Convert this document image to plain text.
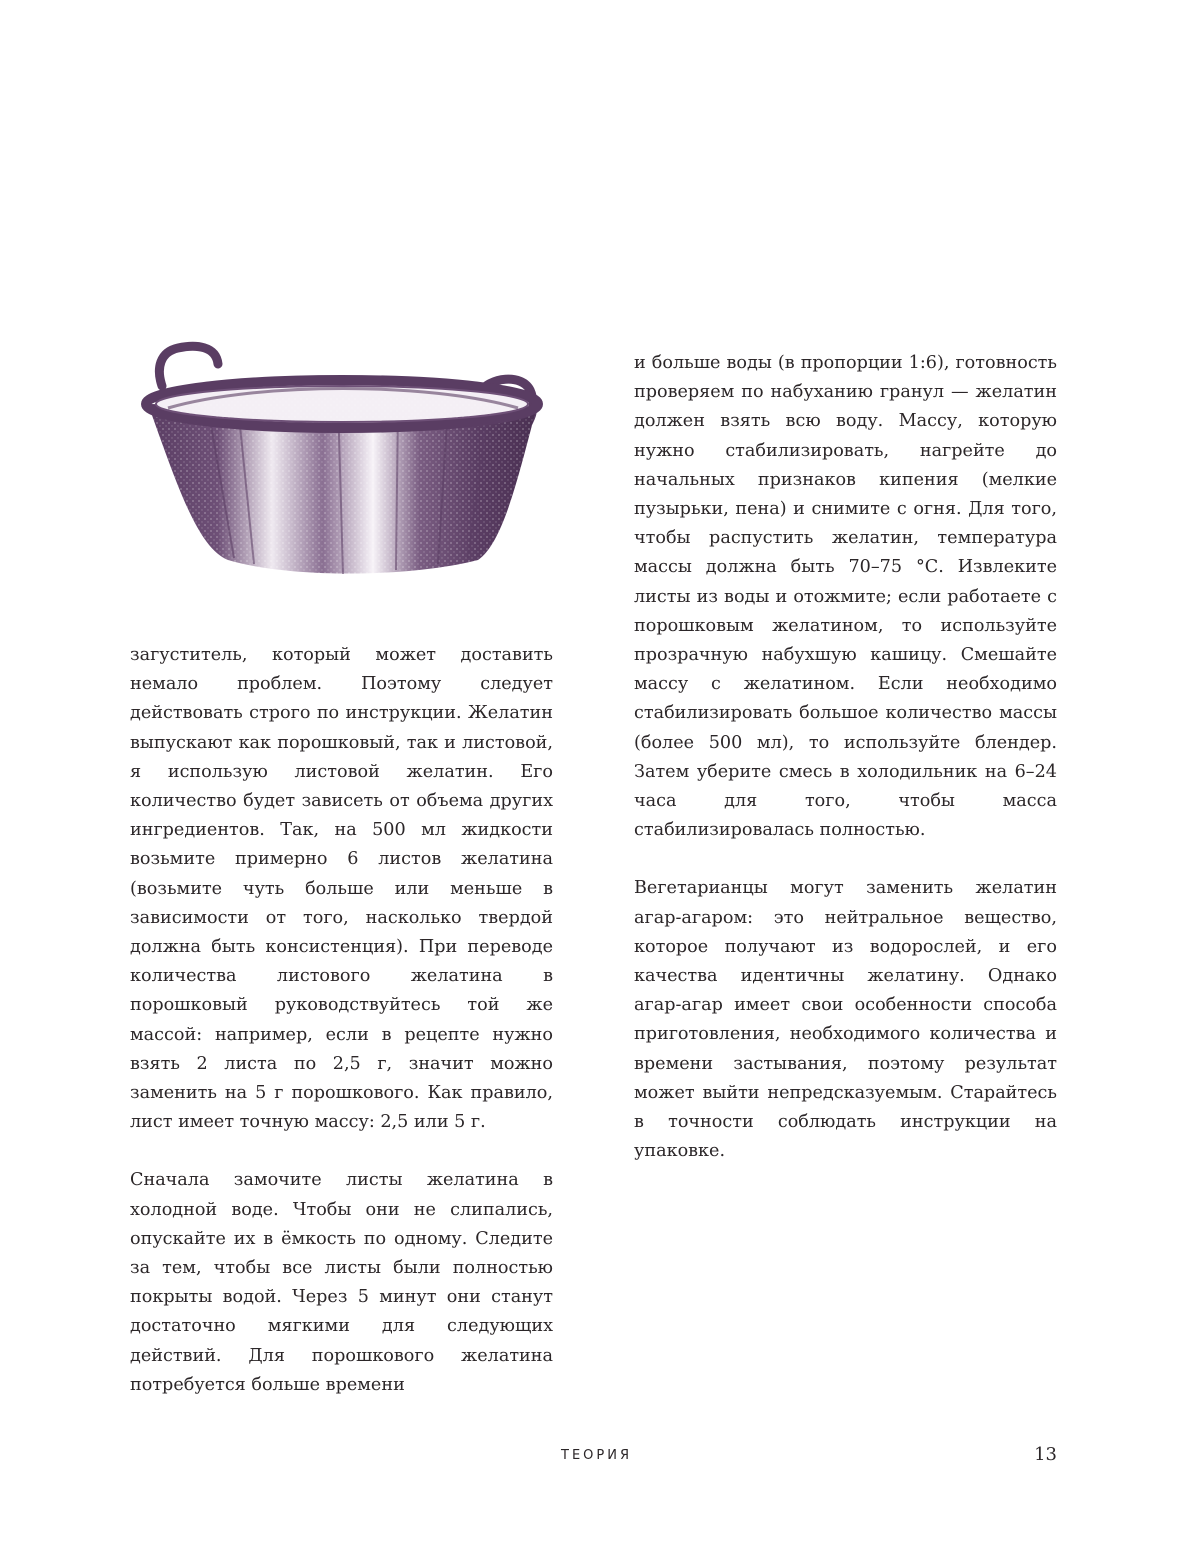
загуститель, который может доставить немало проблем. Поэтому следует действовать строго по инструкции. Желатин выпускают как порошковый, так и листовой, я использую листовой желатин. Его количество будет зависеть от объема других ингредиентов. Так, на 500 мл жидкости возьмите примерно 6 листов желатина (возьмите чуть больше или меньше в зависимости от того, насколько твердой должна быть консистенция). При переводе количества листового желатина в порошковый руководствуйтесь той же массой: например, если в рецепте нужно взять 2 листа по 2,5 г, значит можно заменить на 5 г порошкового. Как правило, лист имеет точную массу: 2,5 или 5 г.

Сначала замочите листы желатина в холодной воде. Чтобы они не слипались, опускайте их в ёмкость по одному. Следите за тем, чтобы все листы были полностью покрыты водой. Через 5 минут они станут достаточно мягкими для следующих действий. Для порошкового желатина потребуется больше времени

и больше воды (в пропорции 1:6), готовность проверяем по набуханию гранул — желатин должен взять всю воду. Массу, которую нужно стабилизировать, нагрейте до начальных признаков кипения (мелкие пузырьки, пена) и снимите с огня. Для того, чтобы распустить желатин, температура массы должна быть 70–75 °С. Извлеките листы из воды и отожмите; если работаете с порошковым желатином, то используйте прозрачную набухшую кашицу. Смешайте массу с желатином. Если необходимо стабилизировать большое количество массы (более 500 мл), то используйте блендер. Затем уберите смесь в холодильник на 6–24 часа для того, чтобы масса стабилизировалась полностью.

Вегетарианцы могут заменить желатин агар-агаром: это нейтральное вещество, которое получают из водорослей, и его качества идентичны желатину. Однако агар-агар имеет свои особенности способа приготовления, необходимого количества и времени застывания, поэтому результат может выйти непредсказуемым. Старайтесь в точности соблюдать инструкции на упаковке.

ТЕОРИЯ	13
